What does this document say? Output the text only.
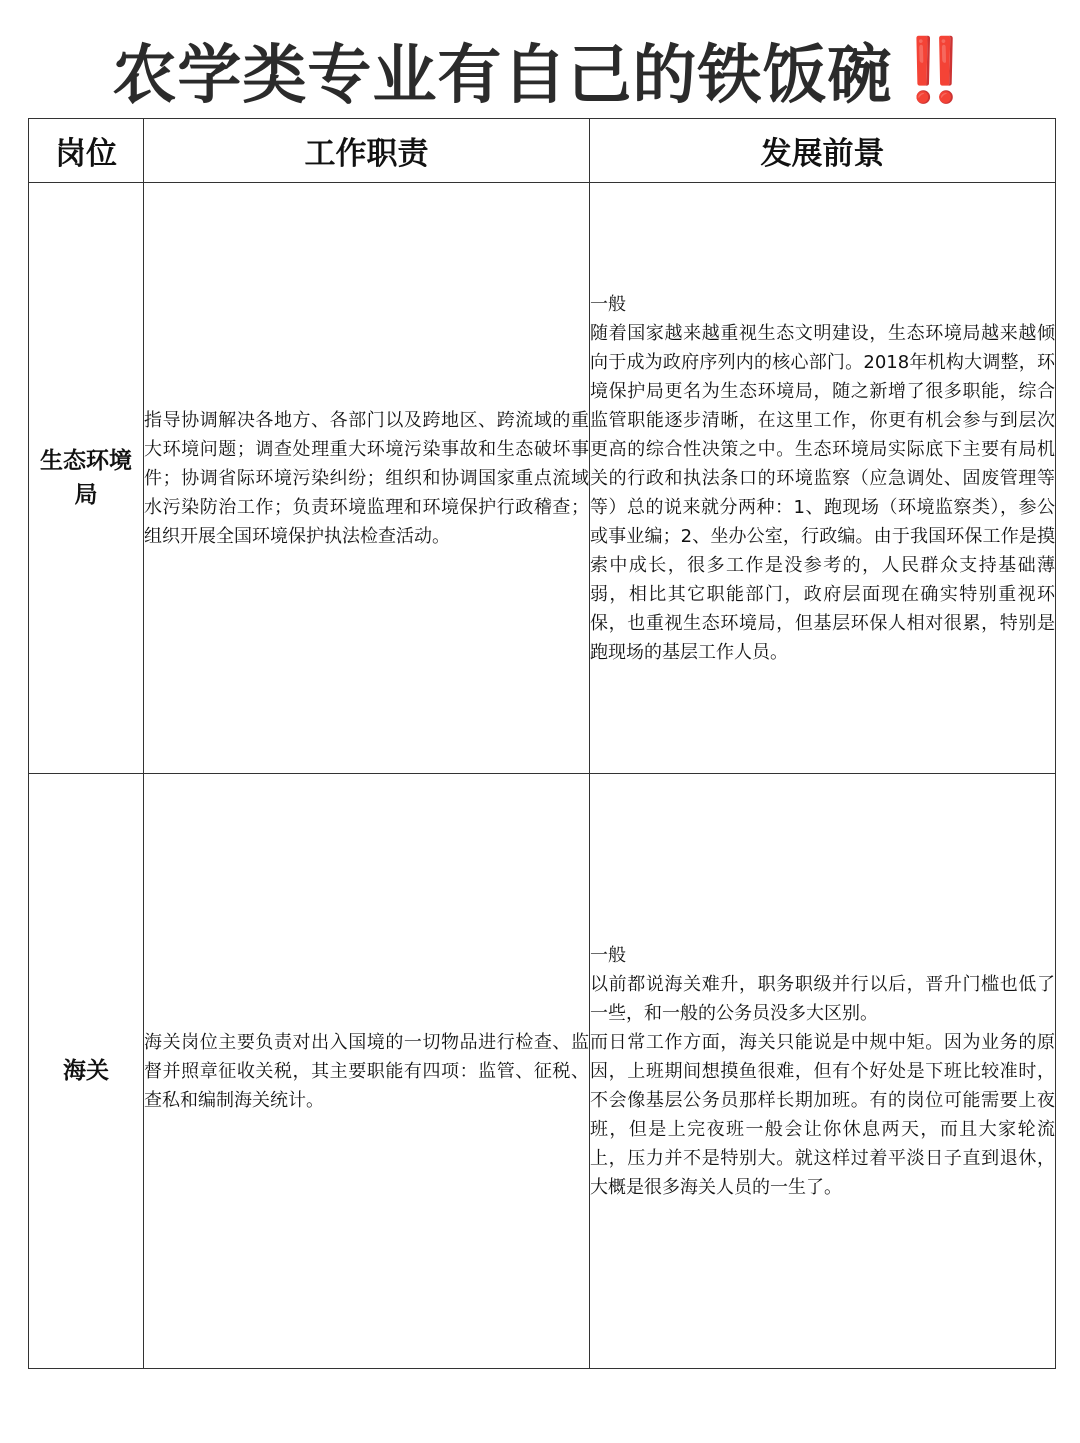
农学类专业有自己的铁饭碗 ‼️
岗位	工作职责	发展前景
生态环境局	指导协调解决各地方、各部门以及跨地区、跨流域的重大环境问题；调查处理重大环境污染事故和生态破坏事件；协调省际环境污染纠纷；组织和协调国家重点流域水污染防治工作；负责环境监理和环境保护行政稽查；组织开展全国环境保护执法检查活动。	一般
随着国家越来越重视生态文明建设，生态环境局越来越倾向于成为政府序列内的核心部门。2018年机构大调整，环境保护局更名为生态环境局，随之新增了很多职能，综合监管职能逐步清晰，在这里工作，你更有机会参与到层次更高的综合性决策之中。生态环境局实际底下主要有局机关的行政和执法条口的环境监察（应急调处、固废管理等等）总的说来就分两种：1、跑现场（环境监察类），参公或事业编；2、坐办公室，行政编。由于我国环保工作是摸索中成长，很多工作是没参考的，人民群众支持基础薄弱，相比其它职能部门，政府层面现在确实特别重视环保，也重视生态环境局，但基层环保人相对很累，特别是跑现场的基层工作人员。

海关	海关岗位主要负责对出入国境的一切物品进行检查、监督并照章征收关税，其主要职能有四项：监管、征税、查私和编制海关统计。	一般
以前都说海关难升，职务职级并行以后，晋升门槛也低了一些，和一般的公务员没多大区别。
而日常工作方面，海关只能说是中规中矩。因为业务的原因，上班期间想摸鱼很难，但有个好处是下班比较准时，不会像基层公务员那样长期加班。有的岗位可能需要上夜班，但是上完夜班一般会让你休息两天，而且大家轮流上，压力并不是特别大。就这样过着平淡日子直到退休，大概是很多海关人员的一生了。
